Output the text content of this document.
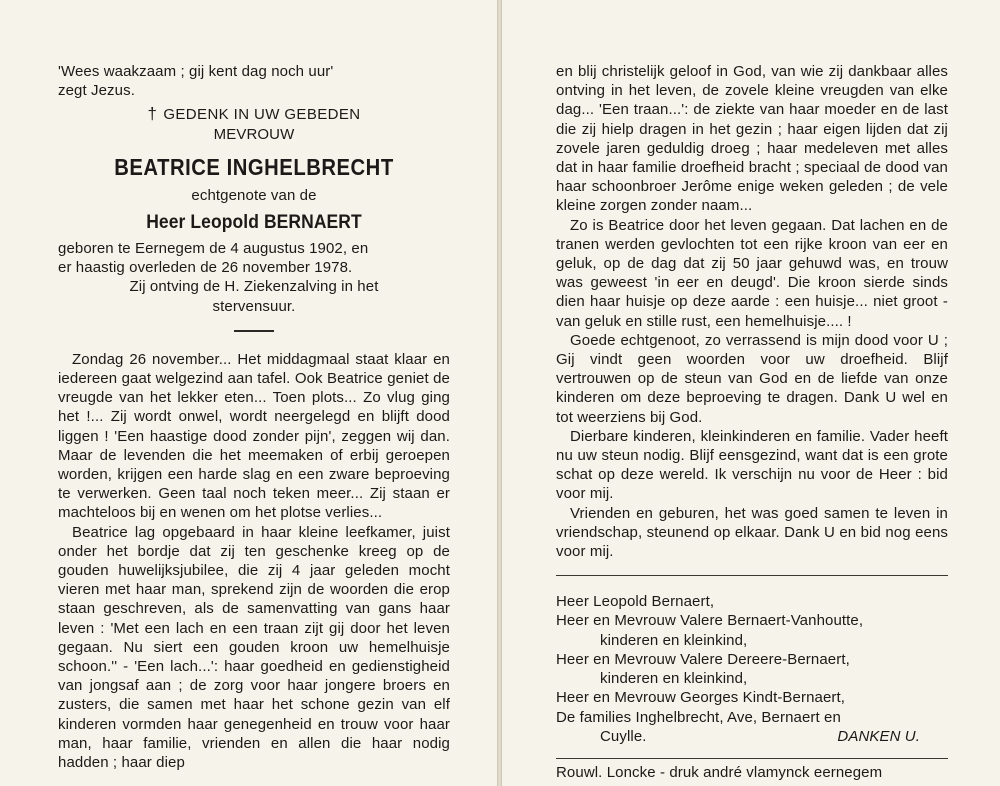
'Wees waakzaam ; gij kent dag noch uur'

zegt Jezus.

† GEDENK IN UW GEBEDEN

MEVROUW

BEATRICE INGHELBRECHT

echtgenote van de

Heer Leopold BERNAERT

geboren te Eernegem de 4 augustus 1902, en

er haastig overleden de 26 november 1978.

Zij ontving de H. Ziekenzalving in het

stervensuur.

Zondag 26 november... Het middagmaal staat klaar en iedereen gaat welgezind aan tafel. Ook Beatrice geniet de vreugde van het lekker eten... Toen plots... Zo vlug ging het !... Zij wordt onwel, wordt neergelegd en blijft dood liggen ! 'Een haastige dood zonder pijn', zeggen wij dan. Maar de levenden die het meemaken of erbij geroepen worden, krijgen een harde slag en een zware beproeving te verwerken. Geen taal noch teken meer... Zij staan er machteloos bij en wenen om het plotse verlies...

Beatrice lag opgebaard in haar kleine leefkamer, juist onder het bordje dat zij ten geschenke kreeg op de gouden huwelijksjubilee, die zij 4 jaar geleden mocht vieren met haar man, sprekend zijn de woorden die erop staan geschreven, als de samenvatting van gans haar leven : 'Met een lach en een traan zijt gij door het leven gegaan. Nu siert een gouden kroon uw hemelhuisje schoon.'' - 'Een lach...': haar goedheid en gedienstigheid van jongsaf aan ; de zorg voor haar jongere broers en zusters, die samen met haar het schone gezin van elf kinderen vormden haar genegenheid en trouw voor haar man, haar familie, vrienden en allen die haar nodig hadden ; haar diep

en blij christelijk geloof in God, van wie zij dankbaar alles ontving in het leven, de zovele kleine vreugden van elke dag... 'Een traan...': de ziekte van haar moeder en de last die zij hielp dragen in het gezin ; haar eigen lijden dat zij zovele jaren geduldig droeg ; haar medeleven met alles dat in haar familie droefheid bracht ; speciaal de dood van haar schoonbroer Jerôme enige weken geleden ; de vele kleine zorgen zonder naam...

Zo is Beatrice door het leven gegaan. Dat lachen en de tranen werden gevlochten tot een rijke kroon van eer en geluk, op de dag dat zij 50 jaar gehuwd was, en trouw was geweest 'in eer en deugd'. Die kroon sierde sinds dien haar huisje op deze aarde : een huisje... niet groot - van geluk en stille rust, een hemelhuisje.... !

Goede echtgenoot, zo verrassend is mijn dood voor U ; Gij vindt geen woorden voor uw droefheid. Blijf vertrouwen op de steun van God en de liefde van onze kinderen om deze beproeving te dragen. Dank U wel en tot weerziens bij God.

Dierbare kinderen, kleinkinderen en familie. Vader heeft nu uw steun nodig. Blijf eensgezind, want dat is een grote schat op deze wereld. Ik verschijn nu voor de Heer : bid voor mij.

Vrienden en geburen, het was goed samen te leven in vriendschap, steunend op elkaar. Dank U en bid nog eens voor mij.

Heer Leopold Bernaert,

Heer en Mevrouw Valere Bernaert-Vanhoutte,

kinderen en kleinkind,

Heer en Mevrouw Valere Dereere-Bernaert,

kinderen en kleinkind,

Heer en Mevrouw Georges Kindt-Bernaert,

De families Inghelbrecht, Ave, Bernaert en

Cuylle.	DANKEN U.

Rouwl. Loncke - druk andré vlamynck eernegem
